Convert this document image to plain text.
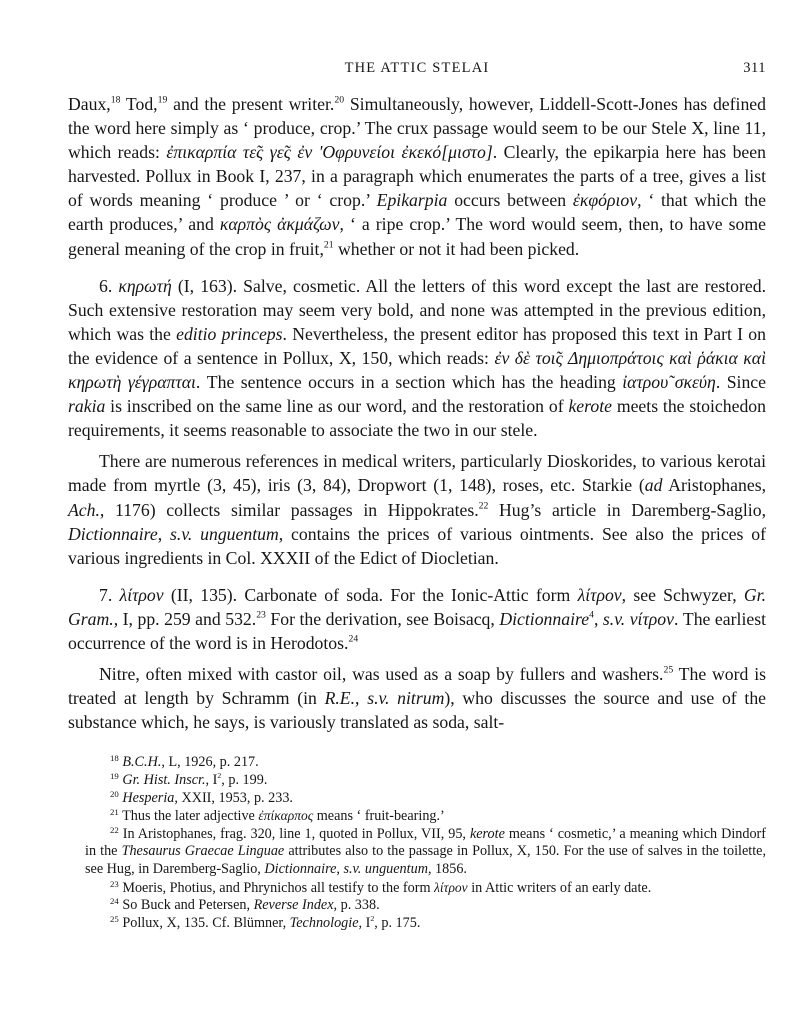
THE ATTIC STELAI	311

Daux,$^{18}$ Tod,$^{19}$ and the present writer.$^{20}$ Simultaneously, however, Liddell-Scott-Jones has defined the word here simply as ‘ produce, crop.’ The crux passage would seem to be our Stele X, line 11, which reads: ἐπικαρπία τε̃ς γε̃ς ἐν 'Οφρυνείοι ἐκεκό[μιστο]. Clearly, the epikarpia here has been harvested. Pollux in Book I, 237, in a paragraph which enumerates the parts of a tree, gives a list of words meaning ‘ produce ’ or ‘ crop.’ Epikarpia occurs between ἐκφόριον, ‘ that which the earth produces,’ and καρπὸς ἀκμάζων, ‘ a ripe crop.’ The word would seem, then, to have some general meaning of the crop in fruit,$^{21}$ whether or not it had been picked.

6. κηρωτή (I, 163). Salve, cosmetic. All the letters of this word except the last are restored. Such extensive restoration may seem very bold, and none was attempted in the previous edition, which was the editio princeps. Nevertheless, the present editor has proposed this text in Part I on the evidence of a sentence in Pollux, X, 150, which reads: ἐν δὲ τοι̃ς Δημιοπράτοις καὶ ῥάκια καὶ κηρωτὴ γέγραπται. The sentence occurs in a section which has the heading ἰατρου̃ σκεύη. Since rakia is inscribed on the same line as our word, and the restoration of kerote meets the stoichedon requirements, it seems reasonable to associate the two in our stele.

There are numerous references in medical writers, particularly Dioskorides, to various kerotai made from myrtle (3, 45), iris (3, 84), Dropwort (1, 148), roses, etc. Starkie (ad Aristophanes, Ach., 1176) collects similar passages in Hippokrates.$^{22}$ Hug’s article in Daremberg-Saglio, Dictionnaire, s.v. unguentum, contains the prices of various ointments. See also the prices of various ingredients in Col. XXXII of the Edict of Diocletian.

7. λίτρον (II, 135). Carbonate of soda. For the Ionic-Attic form λίτρον, see Schwyzer, Gr. Gram., I, pp. 259 and 532.23 For the derivation, see Boisacq, Dictionnaire$^4$, s.v. νίτρον. The earliest occurrence of the word is in Herodotos.$^{24}$

Nitre, often mixed with castor oil, was used as a soap by fullers and washers.$^{25}$ The word is treated at length by Schramm (in R.E., s.v. nitrum), who discusses the source and use of the substance which, he says, is variously translated as soda, salt-

$^{18}$ B.C.H., L, 1926, p. 217.

$^{19}$ Gr. Hist. Inscr., $I^2$, p. 199.

$^{20}$ Hesperia, XXII, 1953, p. 233.

$^{21}$ Thus the later adjective ἐπίκαρπος means ‘ fruit-bearing.’

$^{22}$ In Aristophanes, frag. 320, line 1, quoted in Pollux, VII, 95, kerote means ‘ cosmetic,’ a meaning which Dindorf in the Thesaurus Graecae Linguae attributes also to the passage in Pollux, X, 150. For the use of salves in the toilette, see Hug, in Daremberg-Saglio, Dictionnaire, s.v. unguentum, 1856.

$^{23}$ Moeris, Photius, and Phrynichos all testify to the form λίτρον in Attic writers of an early date.

$^{24}$ So Buck and Petersen, Reverse Index, p. 338.

$^{25}$ Pollux, X, 135. Cf. Blümner, Technologie, $I^2$, p. 175.
